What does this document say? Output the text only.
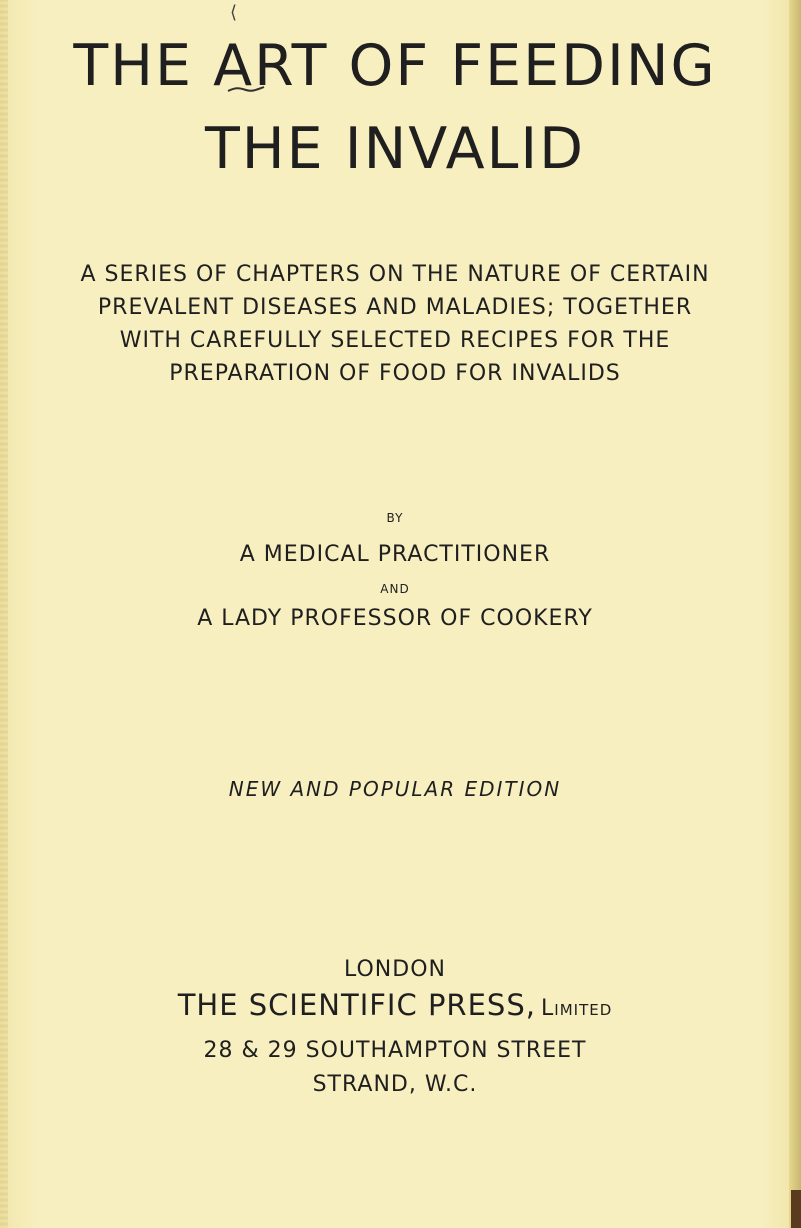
⟨
THE ART OF FEEDING
THE INVALID
A SERIES OF CHAPTERS ON THE NATURE OF CERTAIN
PREVALENT DISEASES AND MALADIES; TOGETHER
WITH CAREFULLY SELECTED RECIPES FOR THE
PREPARATION OF FOOD FOR INVALIDS
BY
A MEDICAL PRACTITIONER
AND
A LADY PROFESSOR OF COOKERY
NEW AND POPULAR EDITION
LONDON
THE SCIENTIFIC PRESS, Limited
28 & 29 SOUTHAMPTON STREET
STRAND, W.C.
